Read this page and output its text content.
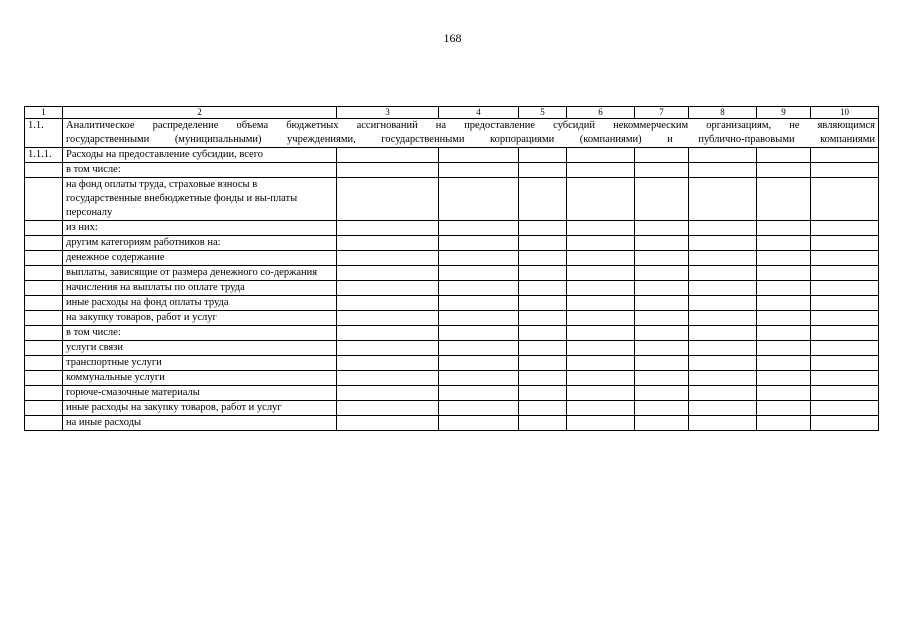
168
1	2	3	4	5	6	7	8	9	10
1.1.	Аналитическое распределение объема бюджетных ассигнований на предоставление субсидий некоммерческим организациям, не являющимся
государственными (муниципальными) учреждениями, государственными корпорациями (компаниями) и публично-правовыми компаниями								

1.1.1.	Расходы на предоставление субсидии, всего								
	в том числе:								
	на фонд оплаты труда, страховые взносы в государственные внебюджетные фонды и вы-платы персоналу								
	из них:								
	другим категориям работников на:								
	денежное содержание								
	выплаты, зависящие от размера денежного со-держания								
	начисления на выплаты по оплате труда								
	иные расходы на фонд оплаты труда								
	на закупку товаров, работ и услуг								
	в том числе:								
	услуги связи								
	транспортные услуги								
	коммунальные услуги								
	горюче-смазочные материалы								
	иные расходы на закупку товаров, работ и услуг								
	на иные расходы								
